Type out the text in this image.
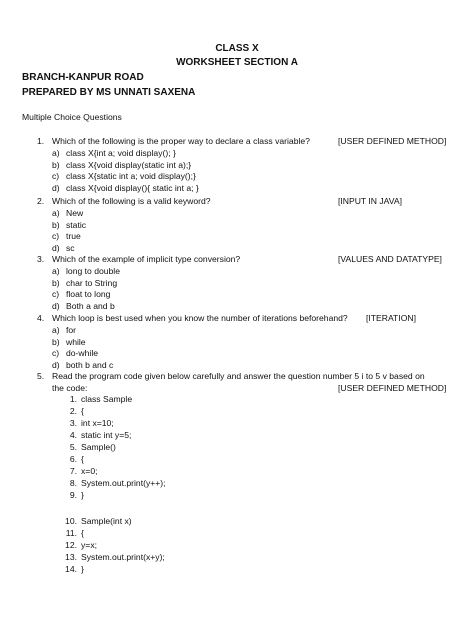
CLASS X
WORKSHEET SECTION A
BRANCH-KANPUR ROAD
PREPARED BY MS UNNATI SAXENA
Multiple Choice Questions
1. Which of the following is the proper way to declare a class variable?	[USER DEFINED METHOD]
a) class X{int a; void display(); }
b) class X{void display(static int a);}
c) class X{static int a; void display();}
d) class X{void display(){ static int a; }
2. Which of the following is a valid keyword?	[INPUT IN JAVA]
a) New
b) static
c) true
d) sc
3. Which of the example of implicit type conversion?	[VALUES AND DATATYPE]
a) long to double
b) char to String
c) float to long
d) Both a and b
4. Which loop is best used when you know the number of iterations beforehand? [ITERATION]
a) for
b) while
c) do-while
d) both b and c
5. Read the program code given below carefully and answer the question number 5 i to 5 v based on
the code:	[USER DEFINED METHOD]
1. class Sample
2. {
3. int x=10;
4. static int y=5;
5. Sample()
6. {
7. x=0;
8. System.out.print(y++);
9. }
10. Sample(int x)
11. {
12. y=x;
13. System.out.print(x+y);
14. }
